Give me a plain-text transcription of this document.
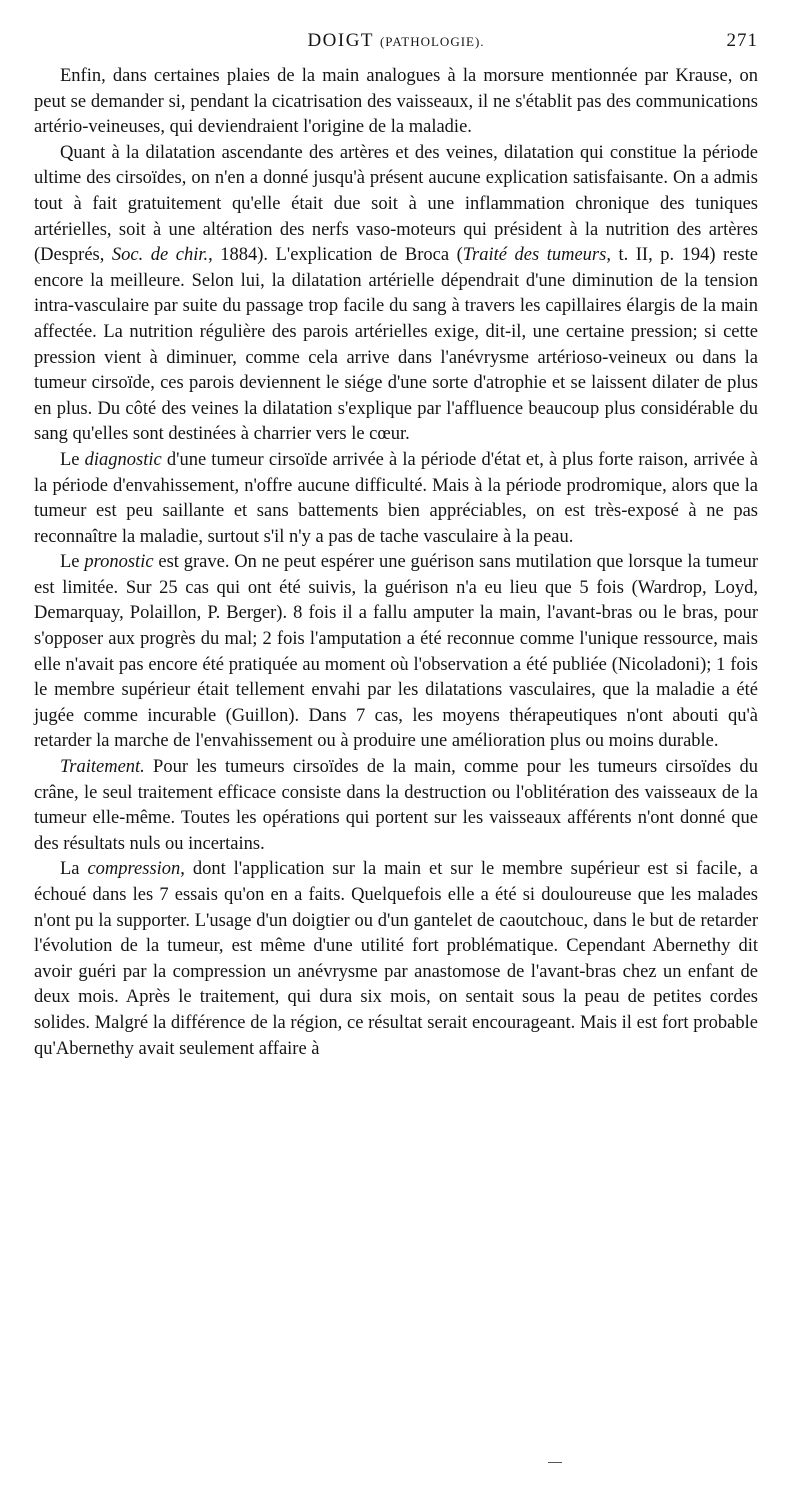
DOIGT (PATHOLOGIE).	271

Enfin, dans certaines plaies de la main analogues à la morsure mentionnée par Krause, on peut se demander si, pendant la cicatrisation des vaisseaux, il ne s'établit pas des communications artério-veineuses, qui deviendraient l'origine de la maladie.

Quant à la dilatation ascendante des artères et des veines, dilatation qui constitue la période ultime des cirsoïdes, on n'en a donné jusqu'à présent aucune explication satisfaisante. On a admis tout à fait gratuitement qu'elle était due soit à une inflammation chronique des tuniques artérielles, soit à une altération des nerfs vaso-moteurs qui président à la nutrition des artères (Després, Soc. de chir., 1884). L'explication de Broca (Traité des tumeurs, t. II, p. 194) reste encore la meilleure. Selon lui, la dilatation artérielle dépendrait d'une diminution de la tension intra-vasculaire par suite du passage trop facile du sang à travers les capillaires élargis de la main affectée. La nutrition régulière des parois artérielles exige, dit-il, une certaine pression; si cette pression vient à diminuer, comme cela arrive dans l'anévrysme artérioso-veineux ou dans la tumeur cirsoïde, ces parois deviennent le siége d'une sorte d'atrophie et se laissent dilater de plus en plus. Du côté des veines la dilatation s'explique par l'affluence beaucoup plus considérable du sang qu'elles sont destinées à charrier vers le cœur.

Le diagnostic d'une tumeur cirsoïde arrivée à la période d'état et, à plus forte raison, arrivée à la période d'envahissement, n'offre aucune difficulté. Mais à la période prodromique, alors que la tumeur est peu saillante et sans battements bien appréciables, on est très-exposé à ne pas reconnaître la maladie, surtout s'il n'y a pas de tache vasculaire à la peau.

Le pronostic est grave. On ne peut espérer une guérison sans mutilation que lorsque la tumeur est limitée. Sur 25 cas qui ont été suivis, la guérison n'a eu lieu que 5 fois (Wardrop, Loyd, Demarquay, Polaillon, P. Berger). 8 fois il a fallu amputer la main, l'avant-bras ou le bras, pour s'opposer aux progrès du mal; 2 fois l'amputation a été reconnue comme l'unique ressource, mais elle n'avait pas encore été pratiquée au moment où l'observation a été publiée (Nicoladoni); 1 fois le membre supérieur était tellement envahi par les dilatations vasculaires, que la maladie a été jugée comme incurable (Guillon). Dans 7 cas, les moyens thérapeutiques n'ont abouti qu'à retarder la marche de l'envahissement ou à produire une amélioration plus ou moins durable.

Traitement. Pour les tumeurs cirsoïdes de la main, comme pour les tumeurs cirsoïdes du crâne, le seul traitement efficace consiste dans la destruction ou l'oblitération des vaisseaux de la tumeur elle-même. Toutes les opérations qui portent sur les vaisseaux afférents n'ont donné que des résultats nuls ou incertains.

La compression, dont l'application sur la main et sur le membre supérieur est si facile, a échoué dans les 7 essais qu'on en a faits. Quelquefois elle a été si douloureuse que les malades n'ont pu la supporter. L'usage d'un doigtier ou d'un gantelet de caoutchouc, dans le but de retarder l'évolution de la tumeur, est même d'une utilité fort problématique. Cependant Abernethy dit avoir guéri par la compression un anévrysme par anastomose de l'avant-bras chez un enfant de deux mois. Après le traitement, qui dura six mois, on sentait sous la peau de petites cordes solides. Malgré la différence de la région, ce résultat serait encourageant. Mais il est fort probable qu'Abernethy avait seulement affaire à
